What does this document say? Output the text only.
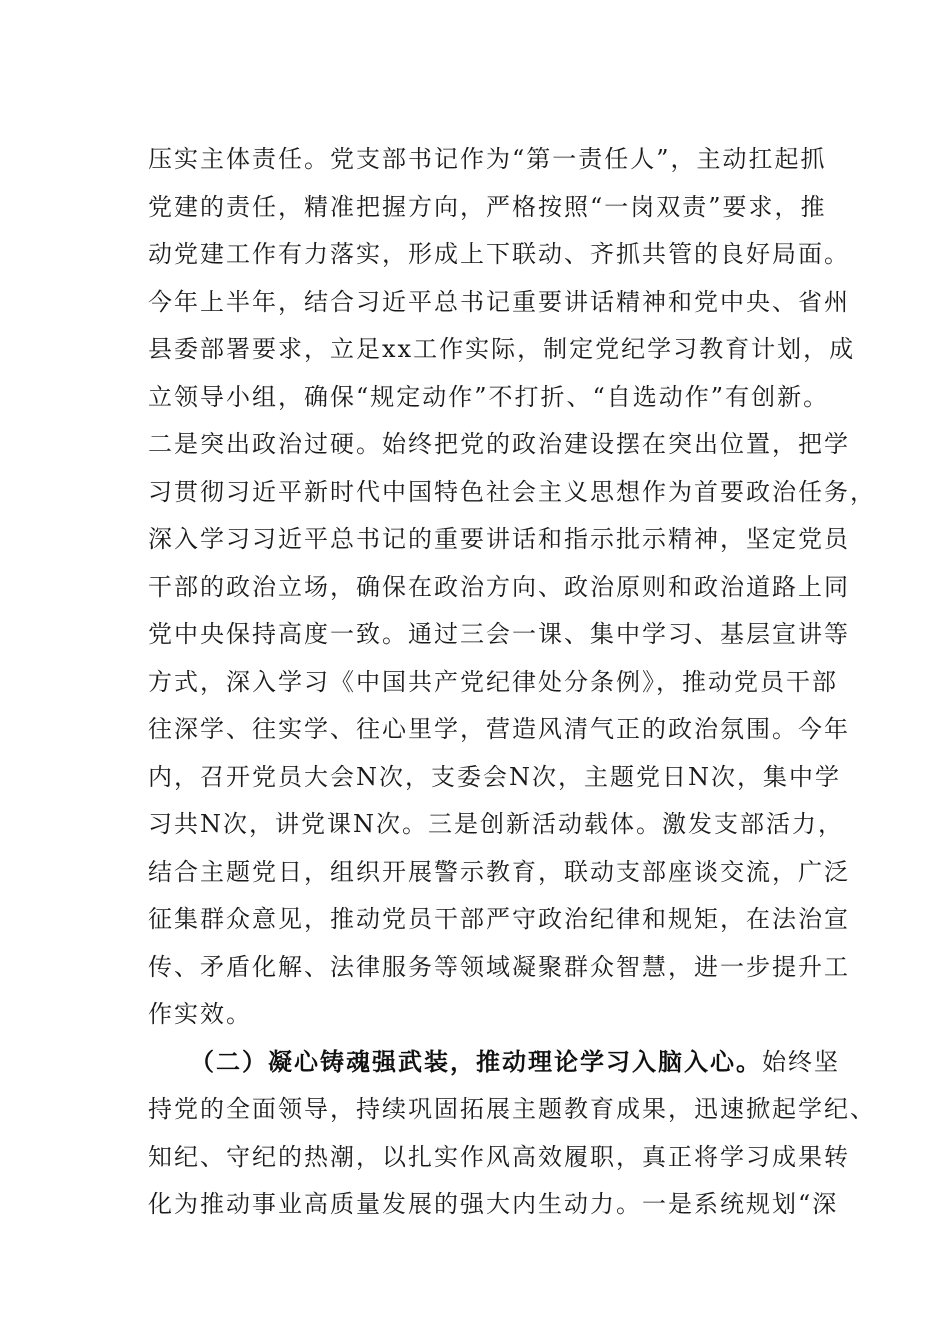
压实主体责任。党支部书记作为“第一责任人”，主动扛起抓
党建的责任，精准把握方向，严格按照“一岗双责”要求，推
动党建工作有力落实，形成上下联动、齐抓共管的良好局面。
今年上半年，结合习近平总书记重要讲话精神和党中央、省州
县委部署要求，立足xx工作实际，制定党纪学习教育计划，成
立领导小组，确保“规定动作”不打折、“自选动作”有创新。
二是突出政治过硬。始终把党的政治建设摆在突出位置，把学
习贯彻习近平新时代中国特色社会主义思想作为首要政治任务，
深入学习习近平总书记的重要讲话和指示批示精神，坚定党员
干部的政治立场，确保在政治方向、政治原则和政治道路上同
党中央保持高度一致。通过三会一课、集中学习、基层宣讲等
方式，深入学习《中国共产党纪律处分条例》，推动党员干部
往深学、往实学、往心里学，营造风清气正的政治氛围。今年
内，召开党员大会N次，支委会N次，主题党日N次，集中学
习共N次，讲党课N次。三是创新活动载体。激发支部活力，
结合主题党日，组织开展警示教育，联动支部座谈交流，广泛
征集群众意见，推动党员干部严守政治纪律和规矩，在法治宣
传、矛盾化解、法律服务等领域凝聚群众智慧，进一步提升工
作实效。
（二）凝心铸魂强武装，推动理论学习入脑入心。始终坚
持党的全面领导，持续巩固拓展主题教育成果，迅速掀起学纪、
知纪、守纪的热潮，以扎实作风高效履职，真正将学习成果转
化为推动事业高质量发展的强大内生动力。一是系统规划“深
